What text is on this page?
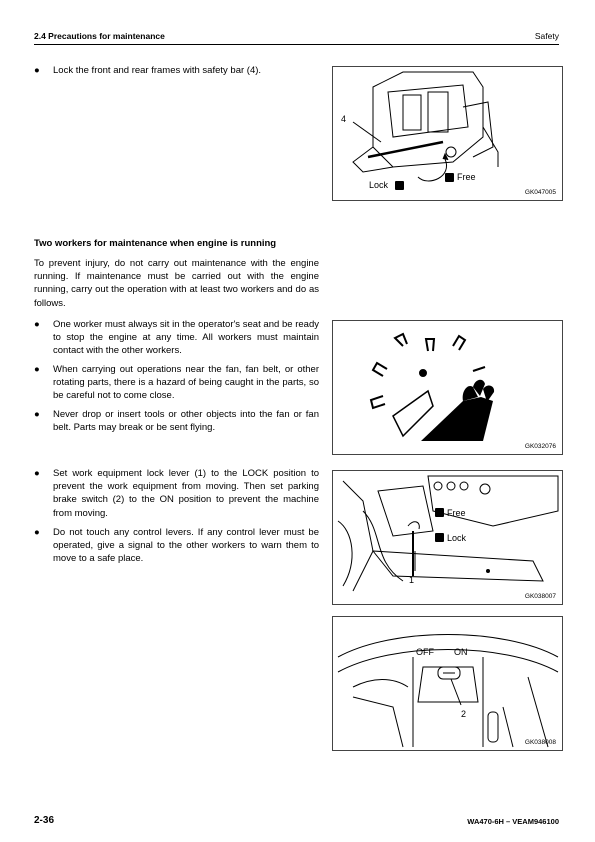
2.4 Precautions for maintenance	Safety
● Lock the front and rear frames with safety bar (4).
Two workers for maintenance when engine is running
To prevent injury, do not carry out maintenance with the engine running. If maintenance must be carried out with the engine running, carry out the operation with at least two workers and do as follows.
● One worker must always sit in the operator's seat and be ready to stop the engine at any time. All workers must maintain contact with the other workers.
● When carrying out operations near the fan, fan belt, or other rotating parts, there is a hazard of being caught in the parts, so be careful not to come close.
● Never drop or insert tools or other objects into the fan or fan belt. Parts may break or be sent flying.
● Set work equipment lock lever (1) to the LOCK position to prevent the work equipment from moving. Then set parking brake switch (2) to the ON position to prevent the machine from moving.
● Do not touch any control levers. If any control lever must be operated, give a signal to the other workers to warn them to move to a safe place.
4
Lock
Free
GK047005
GK032076
Free
Lock
1
GK038007
OFF ON
2
GK038008
2-36	WA470-6H – VEAM946100
